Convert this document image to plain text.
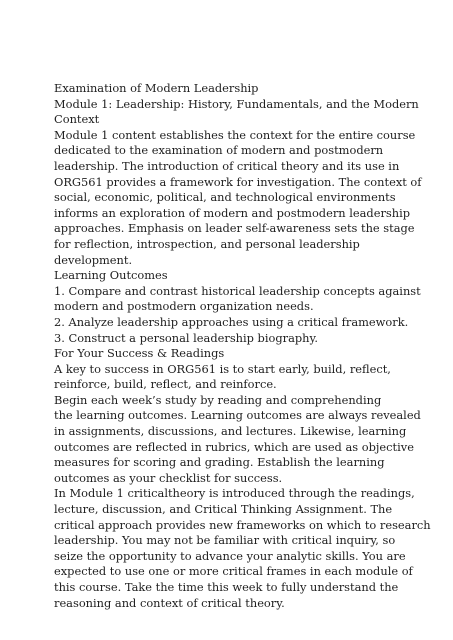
Examination of Modern Leadership
Module 1: Leadership: History, Fundamentals, and the Modern
Context
Module 1 content establishes the context for the entire course
dedicated to the examination of modern and postmodern
leadership. The introduction of critical theory and its use in
ORG561 provides a framework for investigation. The context of
social, economic, political, and technological environments
informs an exploration of modern and postmodern leadership
approaches. Emphasis on leader self-awareness sets the stage
for reflection, introspection, and personal leadership
development.
Learning Outcomes
1. Compare and contrast historical leadership concepts against
modern and postmodern organization needs.
2. Analyze leadership approaches using a critical framework.
3. Construct a personal leadership biography.
For Your Success & Readings
A key to success in ORG561 is to start early, build, reflect,
reinforce, build, reflect, and reinforce.
Begin each week’s study by reading and comprehending
the learning outcomes. Learning outcomes are always revealed
in assignments, discussions, and lectures. Likewise, learning
outcomes are reflected in rubrics, which are used as objective
measures for scoring and grading. Establish the learning
outcomes as your checklist for success.
In Module 1 criticaltheory is introduced through the readings,
lecture, discussion, and Critical Thinking Assignment. The
critical approach provides new frameworks on which to research
leadership. You may not be familiar with critical inquiry, so
seize the opportunity to advance your analytic skills. You are
expected to use one or more critical frames in each module of
this course. Take the time this week to fully understand the
reasoning and context of critical theory.
